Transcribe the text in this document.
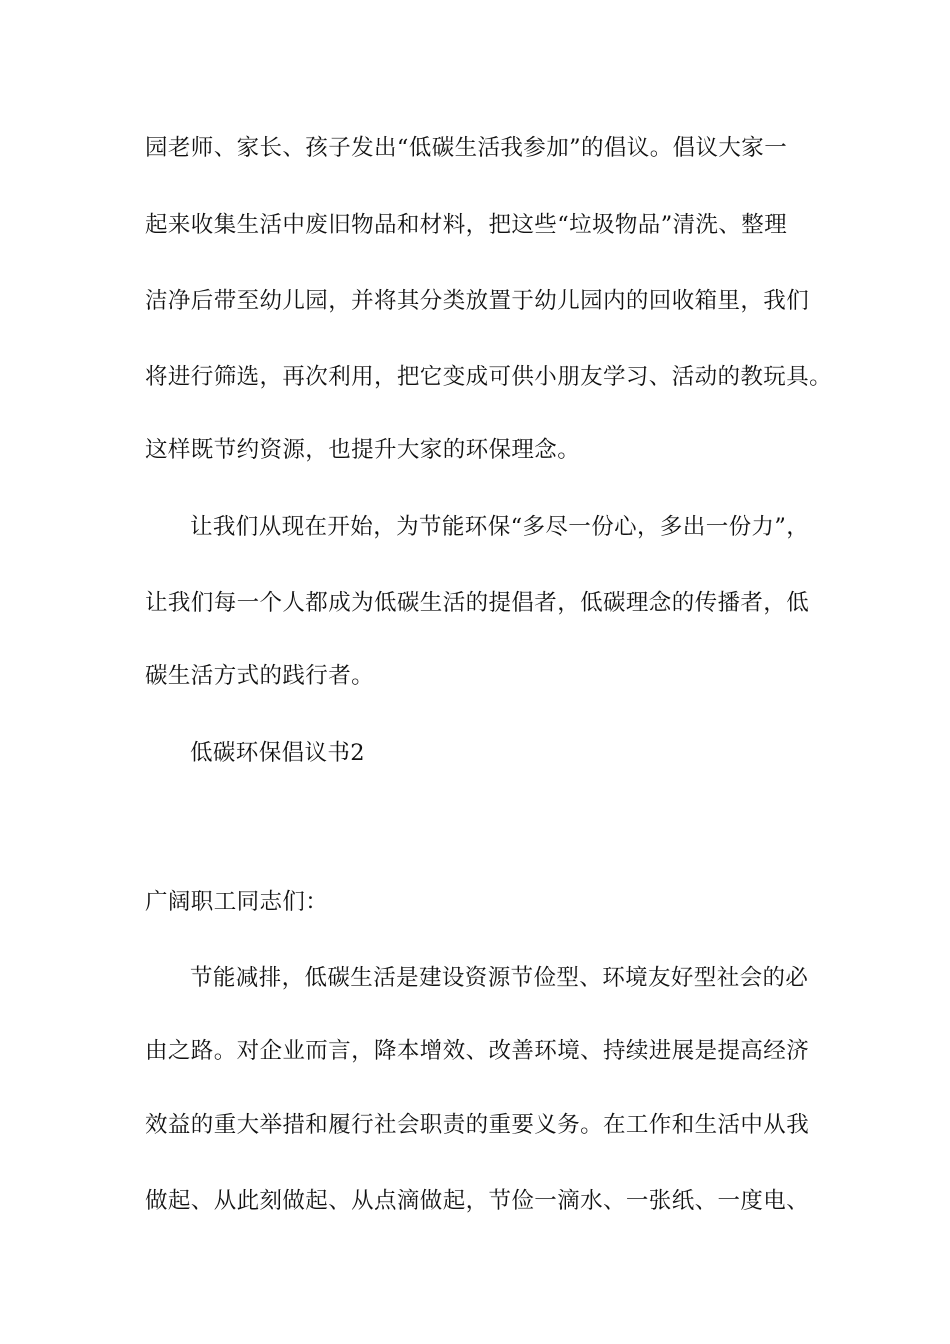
园老师、家长、孩子发出“低碳生活我参加”的倡议。倡议大家一
起来收集生活中废旧物品和材料，把这些“垃圾物品”清洗、整理
洁净后带至幼儿园，并将其分类放置于幼儿园内的回收箱里，我们
将进行筛选，再次利用，把它变成可供小朋友学习、活动的教玩具。
这样既节约资源，也提升大家的环保理念。
让我们从现在开始，为节能环保“多尽一份心，多出一份力”，
让我们每一个人都成为低碳生活的提倡者，低碳理念的传播者，低
碳生活方式的践行者。
低碳环保倡议书2
广阔职工同志们：
节能减排，低碳生活是建设资源节俭型、环境友好型社会的必
由之路。对企业而言，降本增效、改善环境、持续进展是提高经济
效益的重大举措和履行社会职责的重要义务。在工作和生活中从我
做起、从此刻做起、从点滴做起，节俭一滴水、一张纸、一度电、
